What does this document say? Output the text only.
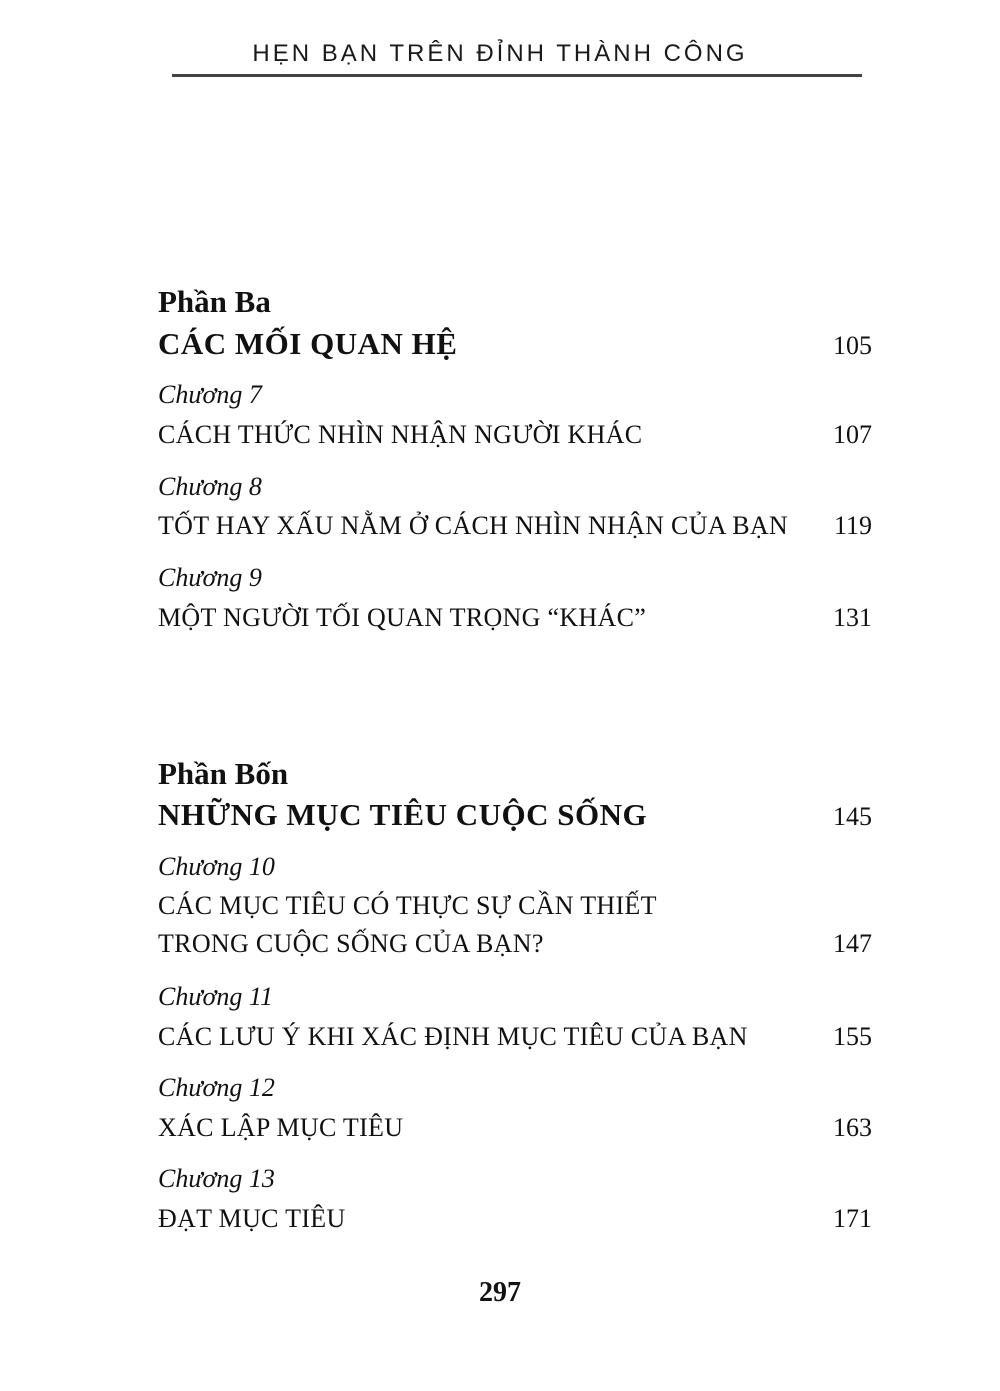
HẸN BẠN TRÊN ĐỈNH THÀNH CÔNG
Phần Ba
CÁC MỐI QUAN HỆ	105
Chương 7
CÁCH THỨC NHÌN NHẬN NGƯỜI KHÁC	107
Chương 8
TỐT HAY XẤU NẰM Ở CÁCH NHÌN NHẬN CỦA BẠN 119
Chương 9
MỘT NGƯỜI TỐI QUAN TRỌNG “KHÁC”	131
Phần Bốn
NHỮNG MỤC TIÊU CUỘC SỐNG	145
Chương 10
CÁC MỤC TIÊU CÓ THỰC SỰ CẦN THIẾT
TRONG CUỘC SỐNG CỦA BẠN?	147
Chương 11
CÁC LƯU Ý KHI XÁC ĐỊNH MỤC TIÊU CỦA BẠN	155
Chương 12
XÁC LẬP MỤC TIÊU	163
Chương 13
ĐẠT MỤC TIÊU	171
297
